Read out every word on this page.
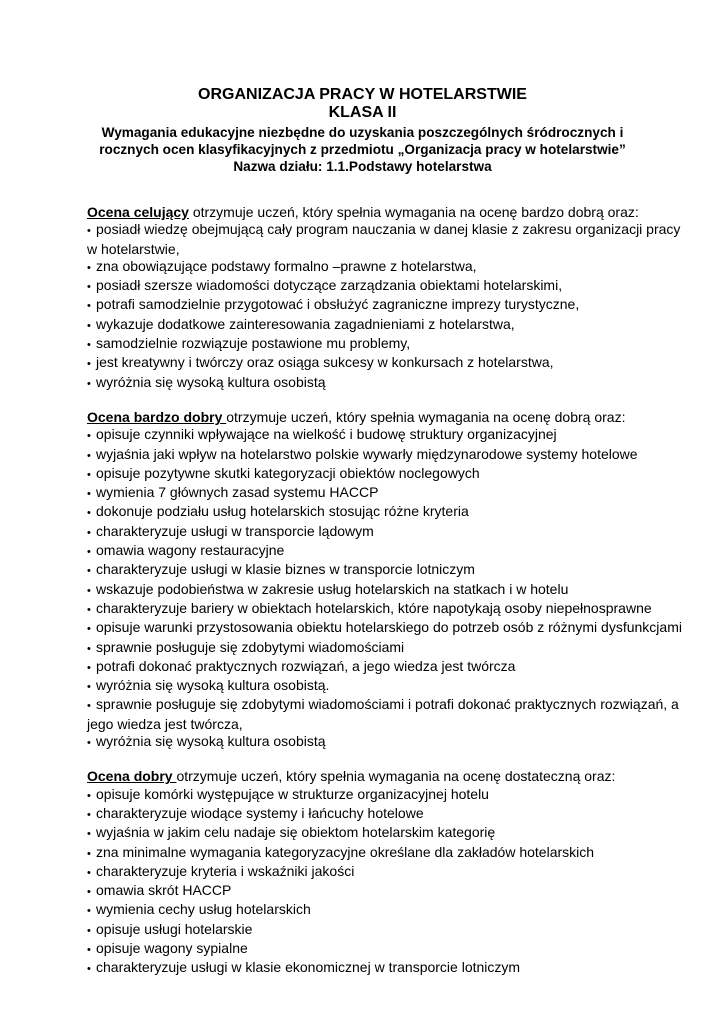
ORGANIZACJA PRACY W HOTELARSTWIE
KLASA II
Wymagania edukacyjne niezbędne do uzyskania poszczególnych śródrocznych i
rocznych ocen klasyfikacyjnych z przedmiotu „Organizacja pracy w hotelarstwie”
Nazwa działu: 1.1.Podstawy hotelarstwa

Ocena celujący otrzymuje uczeń, który spełnia wymagania na ocenę bardzo dobrą oraz:

• posiadł wiedzę obejmującą cały program nauczania w danej klasie z zakresu organizacji pracy w hotelarstwie,
• zna obowiązujące podstawy formalno –prawne z hotelarstwa,
• posiadł szersze wiadomości dotyczące zarządzania obiektami hotelarskimi,
• potrafi samodzielnie przygotować i obsłużyć zagraniczne imprezy turystyczne,
• wykazuje dodatkowe zainteresowania zagadnieniami z hotelarstwa,
• samodzielnie rozwiązuje postawione mu problemy,
• jest kreatywny i twórczy oraz osiąga sukcesy w konkursach z hotelarstwa,
• wyróżnia się wysoką kultura osobistą

Ocena bardzo dobry otrzymuje uczeń, który spełnia wymagania na ocenę dobrą oraz:

• opisuje czynniki wpływające na wielkość i budowę struktury organizacyjnej
• wyjaśnia jaki wpływ na hotelarstwo polskie wywarły międzynarodowe systemy hotelowe
• opisuje pozytywne skutki kategoryzacji obiektów noclegowych
• wymienia 7 głównych zasad systemu HACCP
• dokonuje podziału usług hotelarskich stosując różne kryteria
• charakteryzuje usługi w transporcie lądowym
• omawia wagony restauracyjne
• charakteryzuje usługi w klasie biznes w transporcie lotniczym
• wskazuje podobieństwa w zakresie usług hotelarskich na statkach i w hotelu
• charakteryzuje bariery w obiektach hotelarskich, które napotykają osoby niepełnosprawne
• opisuje warunki przystosowania obiektu hotelarskiego do potrzeb osób z różnymi dysfunkcjami
• sprawnie posługuje się zdobytymi wiadomościami
• potrafi dokonać praktycznych rozwiązań, a jego wiedza jest twórcza
• wyróżnia się wysoką kultura osobistą.
• sprawnie posługuje się zdobytymi wiadomościami i potrafi dokonać praktycznych rozwiązań, a jego wiedza jest twórcza,
• wyróżnia się wysoką kultura osobistą

Ocena dobry otrzymuje uczeń, który spełnia wymagania na ocenę dostateczną oraz:

• opisuje komórki występujące w strukturze organizacyjnej hotelu
• charakteryzuje wiodące systemy i łańcuchy hotelowe
• wyjaśnia w jakim celu nadaje się obiektom hotelarskim kategorię
• zna minimalne wymagania kategoryzacyjne określane dla zakładów hotelarskich
• charakteryzuje kryteria i wskaźniki jakości
• omawia skrót HACCP
• wymienia cechy usług hotelarskich
• opisuje usługi hotelarskie
• opisuje wagony sypialne
• charakteryzuje usługi w klasie ekonomicznej w transporcie lotniczym
